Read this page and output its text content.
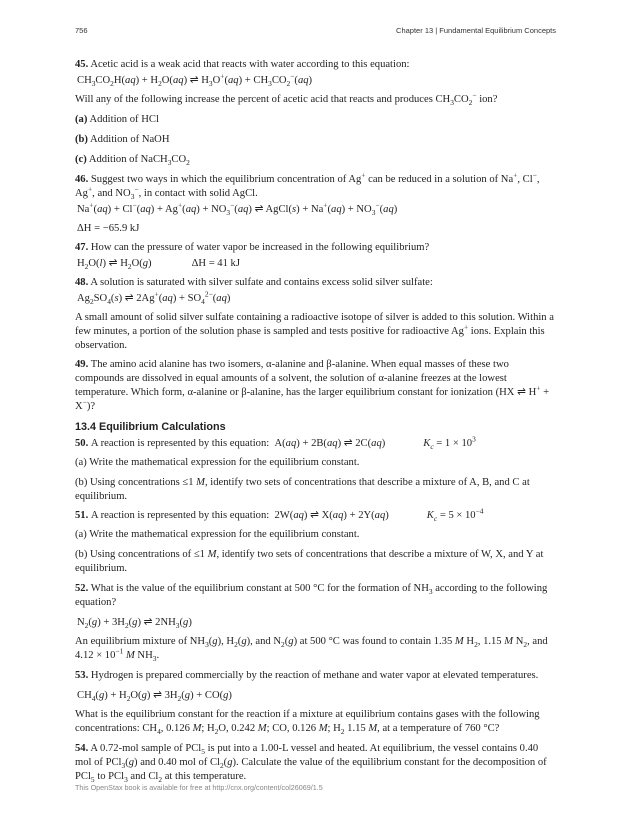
756	Chapter 13 | Fundamental Equilibrium Concepts
45. Acetic acid is a weak acid that reacts with water according to this equation:
$CH_3CO_2H(aq) + H_2O(aq)$ ⇌ $H_3O^+(aq) + CH_3CO_2^-(aq)$
Will any of the following increase the percent of acetic acid that reacts and produces $CH_3CO_2^-$ ion?
(a) Addition of HCl
(b) Addition of NaOH
(c) Addition of $NaCH_3CO_2$
46. Suggest two ways in which the equilibrium concentration of Ag+ can be reduced in a solution of Na+, Cl−, Ag+, and $NO_3^-$, in contact with solid AgCl.
$Na^+(aq) + Cl^-(aq) + Ag^+(aq) + NO_3^-(aq)$ ⇌ AgCl(s) + $Na^+(aq) + NO_3^-(aq)$
ΔH = −65.9 kJ
47. How can the pressure of water vapor be increased in the following equilibrium?
$H_2O(l)$ ⇌ $H_2O(g)$	ΔH = 41 kJ
48. A solution is saturated with silver sulfate and contains excess solid silver sulfate:
$Ag_2SO_4(s)$ ⇌ $2Ag^+(aq) + SO_4^{2-}(aq)$
A small amount of solid silver sulfate containing a radioactive isotope of silver is added to this solution. Within a few minutes, a portion of the solution phase is sampled and tests positive for radioactive Ag+ ions. Explain this observation.
49. The amino acid alanine has two isomers, α-alanine and β-alanine. When equal masses of these two compounds are dissolved in equal amounts of a solvent, the solution of α-alanine freezes at the lowest temperature. Which form, α-alanine or β-alanine, has the larger equilibrium constant for ionization (HX ⇌ H+ + X−)?
13.4 Equilibrium Calculations
50.
A reaction is represented by this equation:
A(aq) + 2B(aq) ⇌ 2C(aq)	$K_c = 1 \times 10^3$
(a) Write the mathematical expression for the equilibrium constant.
(b) Using concentrations ≤1 M, identify two sets of concentrations that describe a mixture of A, B, and C at equilibrium.
51.
A reaction is represented by this equation:
2W(aq) ⇌ X(aq) + 2Y(aq)	$K_c = 5 \times 10^{-4}$
(a) Write the mathematical expression for the equilibrium constant.
(b) Using concentrations of ≤1 M, identify two sets of concentrations that describe a mixture of W, X, and Y at equilibrium.
52. What is the value of the equilibrium constant at 500 °C for the formation of $NH_3$ according to the following equation?
$N_2(g) + 3H_2(g)$ ⇌ $2NH_3(g)$
An equilibrium mixture of $NH_3(g)$, $H_2(g)$, and $N_2(g)$ at 500 °C was found to contain 1.35 M $H_2$, 1.15 M $N_2$, and $4.12 \times 10^{-1}$ M $NH_3$.
53. Hydrogen is prepared commercially by the reaction of methane and water vapor at elevated temperatures.
$CH_4(g) + H_2O(g)$ ⇌ $3H_2(g) + CO(g)$
What is the equilibrium constant for the reaction if a mixture at equilibrium contains gases with the following concentrations: $CH_4$, 0.126 M; $H_2O$, 0.242 M; CO, 0.126 M; $H_2$ 1.15 M, at a temperature of 760 °C?
54. A 0.72-mol sample of PCl$_5$ is put into a 1.00-L vessel and heated. At equilibrium, the vessel contains 0.40 mol of PCl$_3$(g) and 0.40 mol of $Cl_2(g)$. Calculate the value of the equilibrium constant for the decomposition of PCl$_5$ to PCl$_3$ and $Cl_2$ at this temperature.
This OpenStax book is available for free at http://cnx.org/content/col26069/1.5
